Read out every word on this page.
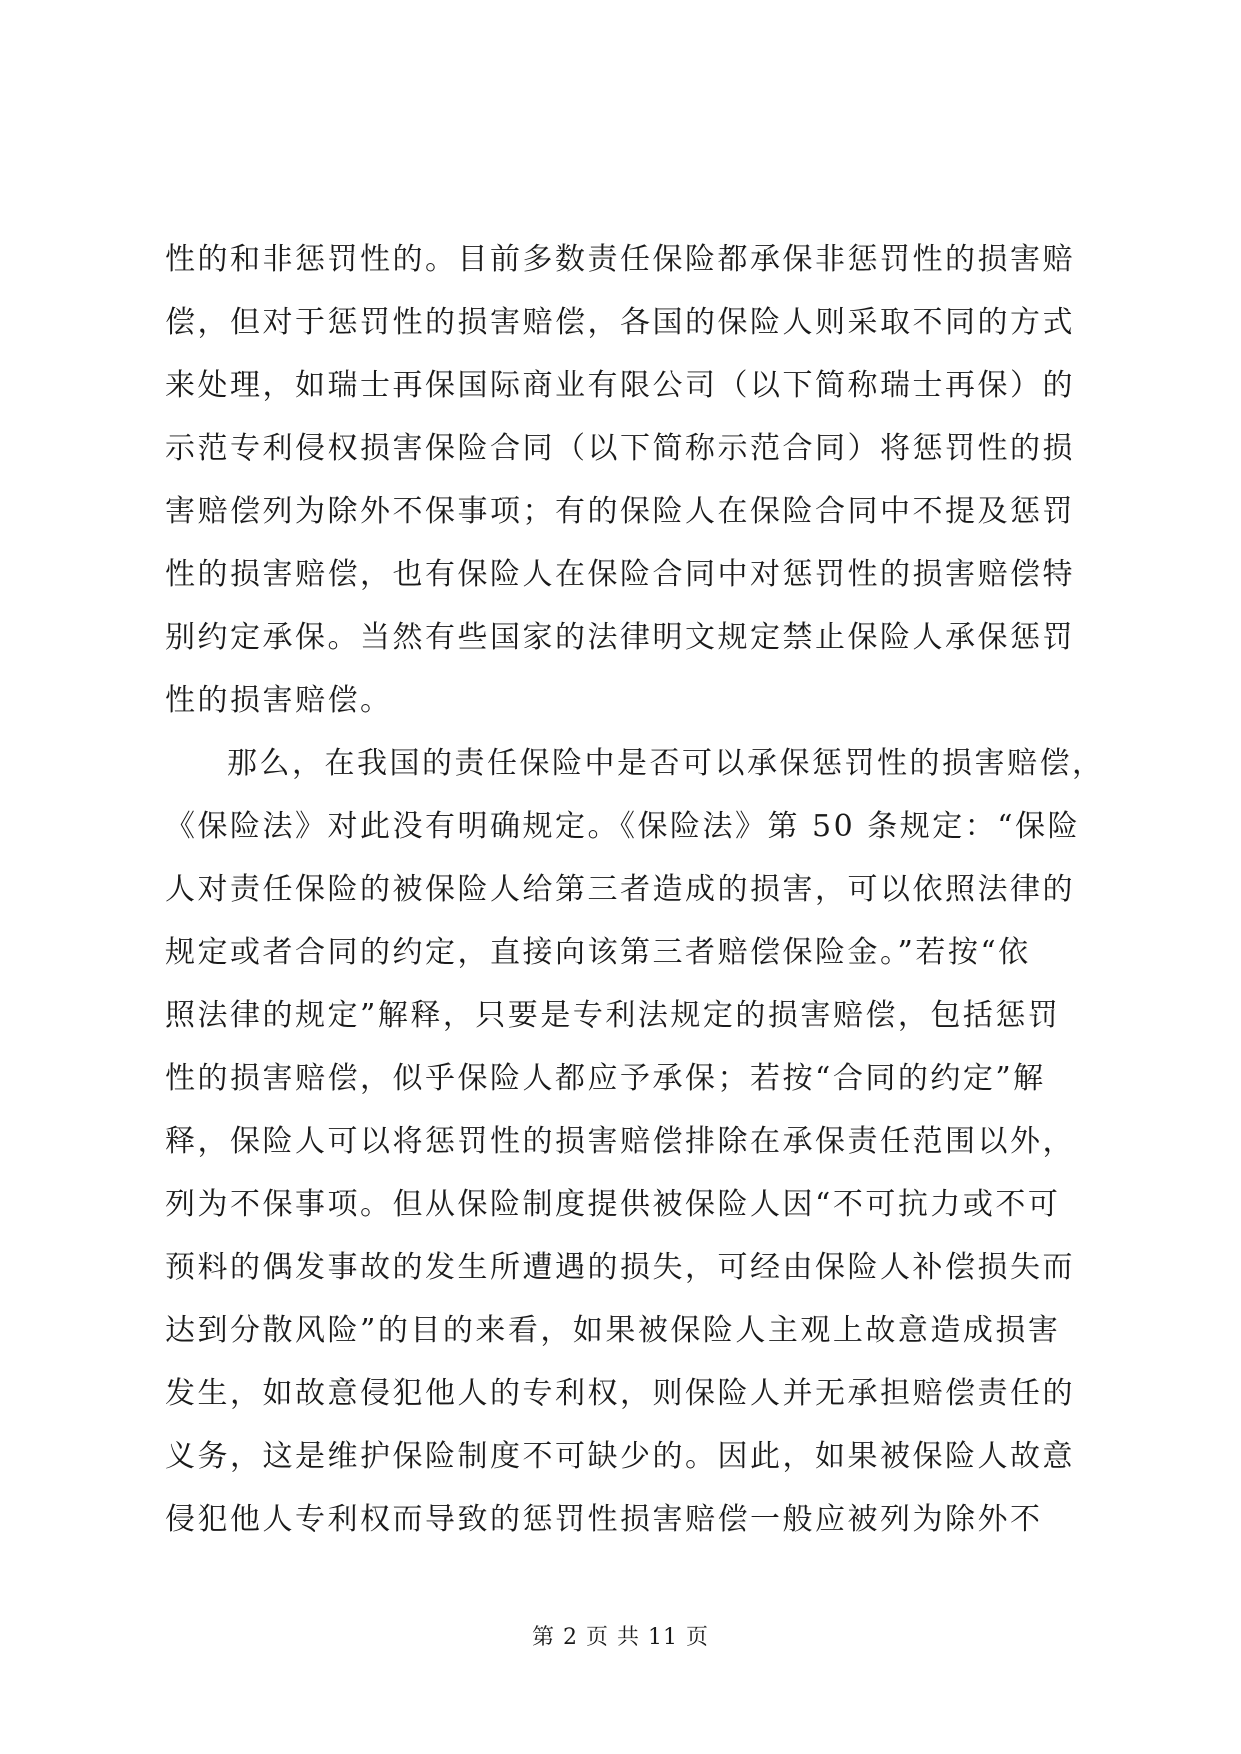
性的和非惩罚性的。目前多数责任保险都承保非惩罚性的损害赔
偿，但对于惩罚性的损害赔偿，各国的保险人则采取不同的方式
来处理，如瑞士再保国际商业有限公司（以下简称瑞士再保）的
示范专利侵权损害保险合同（以下简称示范合同）将惩罚性的损
害赔偿列为除外不保事项；有的保险人在保险合同中不提及惩罚
性的损害赔偿，也有保险人在保险合同中对惩罚性的损害赔偿特
别约定承保。当然有些国家的法律明文规定禁止保险人承保惩罚
性的损害赔偿。
那么，在我国的责任保险中是否可以承保惩罚性的损害赔偿，
《保险法》对此没有明确规定。《保险法》第 50 条规定：“保险
人对责任保险的被保险人给第三者造成的损害，可以依照法律的
规定或者合同的约定，直接向该第三者赔偿保险金。”若按“依
照法律的规定”解释，只要是专利法规定的损害赔偿，包括惩罚
性的损害赔偿，似乎保险人都应予承保；若按“合同的约定”解
释，保险人可以将惩罚性的损害赔偿排除在承保责任范围以外，
列为不保事项。但从保险制度提供被保险人因“不可抗力或不可
预料的偶发事故的发生所遭遇的损失，可经由保险人补偿损失而
达到分散风险”的目的来看，如果被保险人主观上故意造成损害
发生，如故意侵犯他人的专利权，则保险人并无承担赔偿责任的
义务，这是维护保险制度不可缺少的。因此，如果被保险人故意
侵犯他人专利权而导致的惩罚性损害赔偿一般应被列为除外不
第 2 页 共 11 页
